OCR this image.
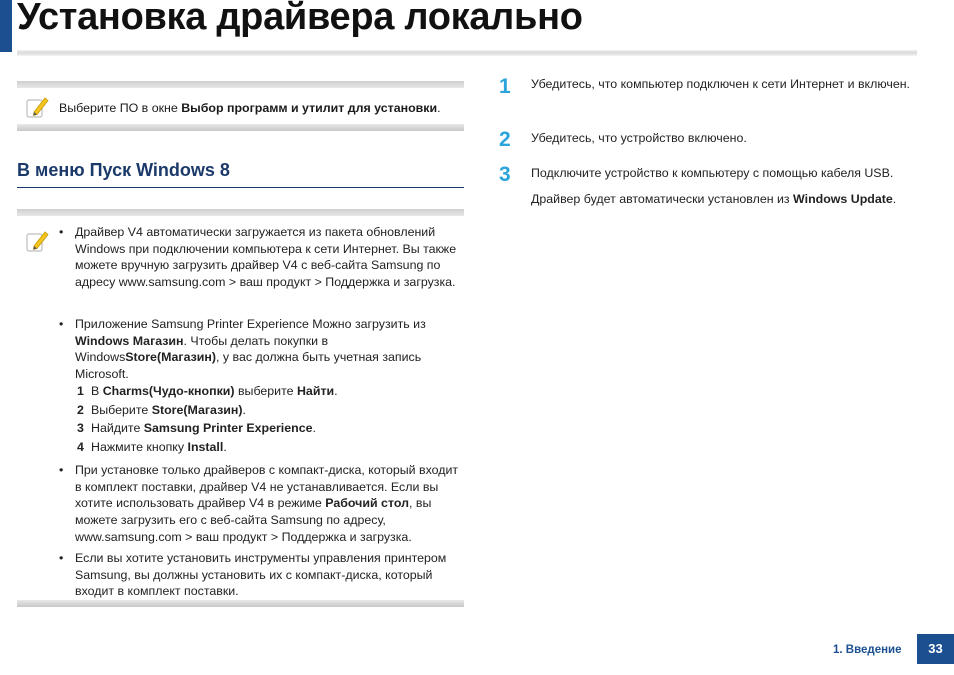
Установка драйвера локально
Выберите ПО в окне Выбор программ и утилит для установки.
В меню Пуск Windows 8
• Драйвер V4 автоматически загружается из пакета обновлений Windows при подключении компьютера к сети Интернет. Вы также можете вручную загрузить драйвер V4 с веб-сайта Samsung по адресу www.samsung.com > ваш продукт > Поддержка и загрузка.
• Приложение Samsung Printer Experience Можно загрузить из Windows Магазин. Чтобы делать покупки в WindowsStore(Магазин), у вас должна быть учетная запись Microsoft.
1 В Charms(Чудо-кнопки) выберите Найти.
2 Выберите Store(Магазин).
3 Найдите Samsung Printer Experience.
4 Нажмите кнопку Install.
• При установке только драйверов с компакт-диска, который входит в комплект поставки, драйвер V4 не устанавливается. Если вы хотите использовать драйвер V4 в режиме Рабочий стол, вы можете загрузить его с веб-сайта Samsung по адресу, www.samsung.com > ваш продукт > Поддержка и загрузка.
• Если вы хотите установить инструменты управления принтером Samsung, вы должны установить их с компакт-диска, который входит в комплект поставки.
1 Убедитесь, что компьютер подключен к сети Интернет и включен.
2 Убедитесь, что устройство включено.
3 Подключите устройство к компьютеру с помощью кабеля USB.
Драйвер будет автоматически установлен из Windows Update.
1. Введение	33
